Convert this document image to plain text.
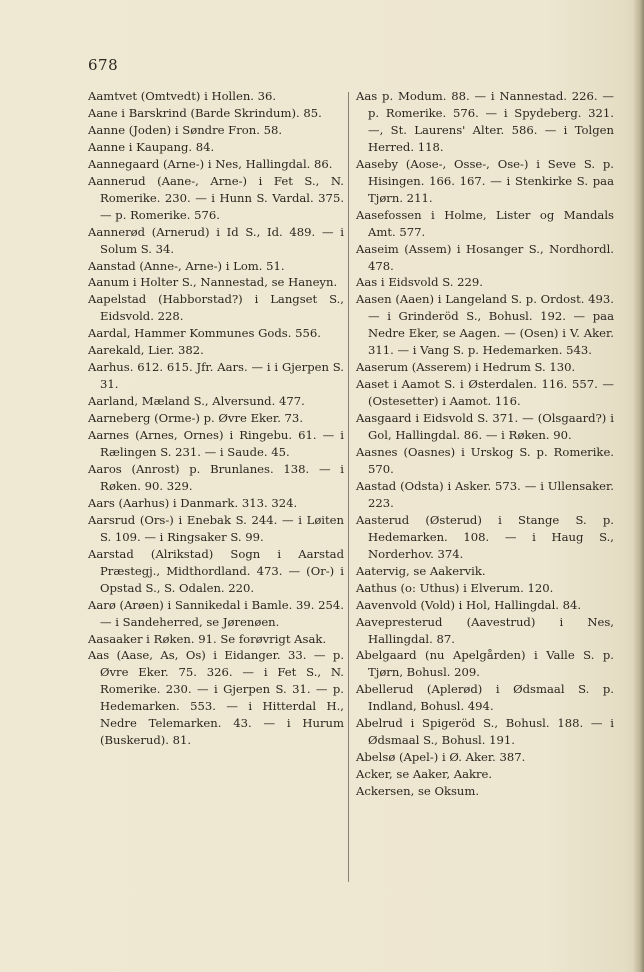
678

Aamtvet (Omtvedt) i Hollen. 36.

Aane i Barskrind (Barde Skrindum). 85.

Aanne (Joden) i Søndre Fron. 58.

Aanne i Kaupang. 84.

Aannegaard (Arne-) i Nes, Hallingdal. 86.

Aannerud (Aane-, Arne-) i Fet S., N. Romerike. 230. — i Hunn S. Vardal. 375. — p. Romerike. 576.

Aannerød (Arnerud) i Id S., Id. 489. — i Solum S. 34.

Aanstad (Anne-, Arne-) i Lom. 51.

Aanum i Holter S., Nannestad, se Haneyn.

Aapelstad (Habborstad?) i Langset S., Eidsvold. 228.

Aardal, Hammer Kommunes Gods. 556.

Aarekald, Lier. 382.

Aarhus. 612. 615. Jfr. Aars. — i i Gjerpen S. 31.

Aarland, Mæland S., Alversund. 477.

Aarneberg (Orme-) p. Øvre Eker. 73.

Aarnes (Arnes, Ornes) i Ringebu. 61. — i Rælingen S. 231. — i Saude. 45.

Aaros (Anrost) p. Brunlanes. 138. — i Røken. 90. 329.

Aars (Aarhus) i Danmark. 313. 324.

Aarsrud (Ors-) i Enebak S. 244. — i Løiten S. 109. — i Ringsaker S. 99.

Aarstad (Alrikstad) Sogn i Aarstad Præstegj., Midthordland. 473. — (Or-) i Opstad S., S. Odalen. 220.

Aarø (Arøen) i Sannikedal i Bamle. 39. 254. — i Sandeherred, se Jørenøen.

Aasaaker i Røken. 91. Se forøvrigt Asak.

Aas (Aase, As, Os) i Eidanger. 33. — p. Øvre Eker. 75. 326. — i Fet S., N. Romerike. 230. — i Gjerpen S. 31. — p. Hedemarken. 553. — i Hitterdal H., Nedre Telemarken. 43. — i Hurum (Buskerud). 81.

Aas p. Modum. 88. — i Nannestad. 226. — p. Romerike. 576. — i Spydeberg. 321. —, St. Laurens' Alter. 586. — i Tolgen Herred. 118.

Aaseby (Aose-, Osse-, Ose-) i Seve S. p. Hisingen. 166. 167. — i Stenkirke S. paa Tjørn. 211.

Aasefossen i Holme, Lister og Mandals Amt. 577.

Aaseim (Assem) i Hosanger S., Nordhordl. 478.

Aas i Eidsvold S. 229.

Aasen (Aaen) i Langeland S. p. Ordost. 493. — i Grinderöd S., Bohusl. 192. — paa Nedre Eker, se Aagen. — (Osen) i V. Aker. 311. — i Vang S. p. Hedemarken. 543.

Aaserum (Asserem) i Hedrum S. 130.

Aaset i Aamot S. i Østerdalen. 116. 557. — (Ostesetter) i Aamot. 116.

Aasgaard i Eidsvold S. 371. — (Olsgaard?) i Gol, Hallingdal. 86. — i Røken. 90.

Aasnes (Oasnes) i Urskog S. p. Romerike. 570.

Aastad (Odsta) i Asker. 573. — i Ullensaker. 223.

Aasterud (Østerud) i Stange S. p. Hedemarken. 108. — i Haug S., Norderhov. 374.

Aatervig, se Aakervik.

Aathus (o: Uthus) i Elverum. 120.

Aavenvold (Vold) i Hol, Hallingdal. 84.

Aavepresterud (Aavestrud) i Nes, Hallingdal. 87.

Abelgaard (nu Apelgården) i Valle S. p. Tjørn, Bohusl. 209.

Abellerud (Aplerød) i Ødsmaal S. p. Indland, Bohusl. 494.

Abelrud i Spigeröd S., Bohusl. 188. — i Ødsmaal S., Bohusl. 191.

Abelsø (Apel-) i Ø. Aker. 387.

Acker, se Aaker, Aakre.

Ackersen, se Oksum.
